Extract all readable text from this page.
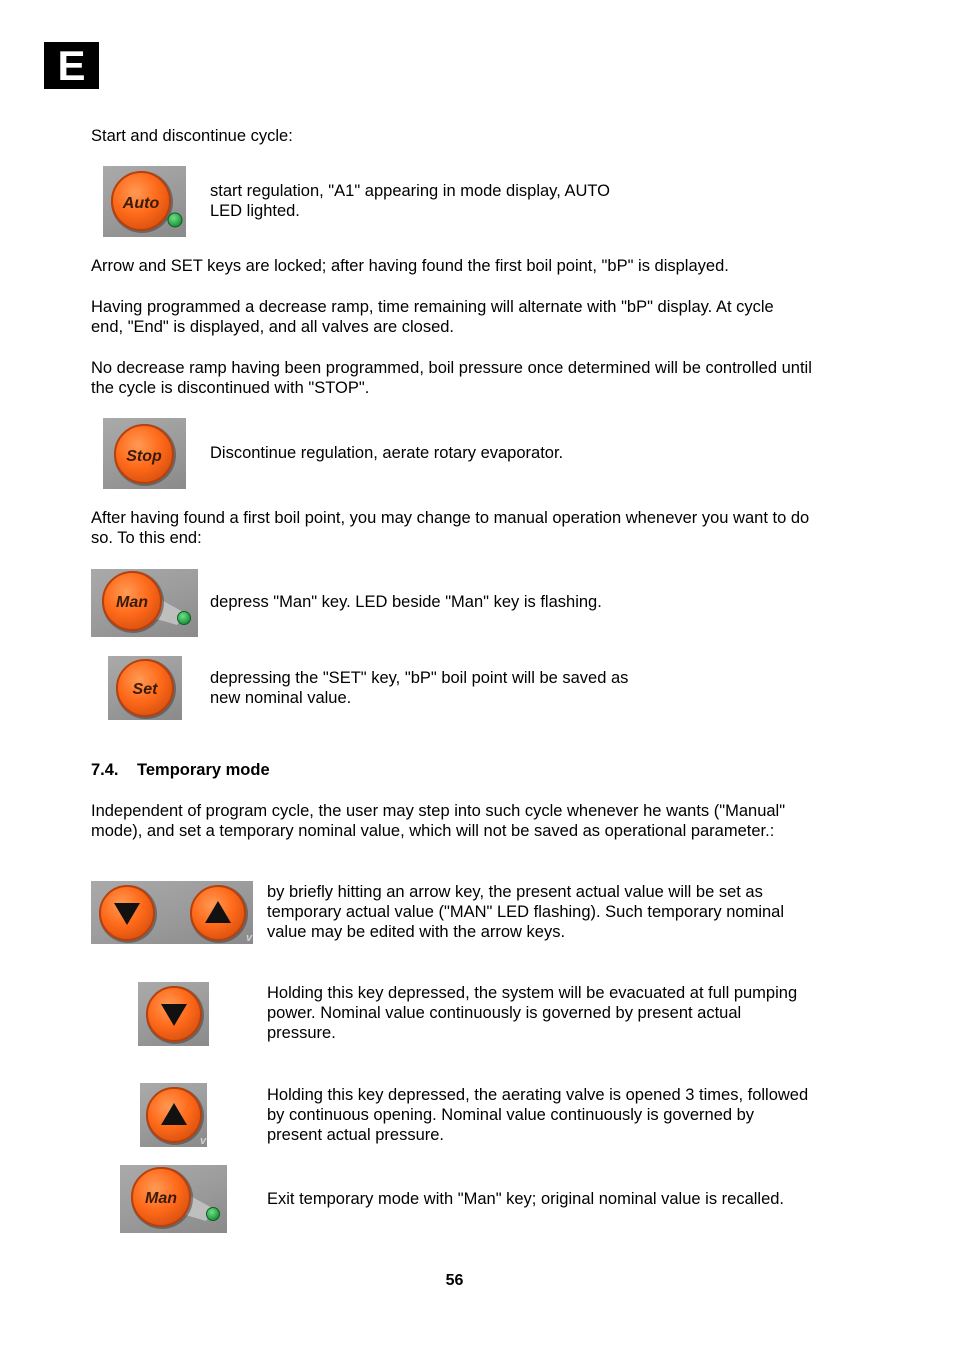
E
Start and discontinue cycle:
Auto
start regulation, "A1" appearing in mode display, AUTO
LED lighted.
Arrow and SET keys are locked; after having found the first boil point, "bP" is displayed.
Having programmed a decrease ramp, time remaining will alternate with "bP" display. At cycle
end, "End" is displayed, and all valves are closed.
No decrease ramp having been programmed, boil pressure once determined will be controlled until
the cycle is discontinued with "STOP".
Stop	Discontinue regulation, aerate rotary evaporator.
After having found a first boil point, you may change to manual operation whenever you want to do
so. To this end:
Man	depress "Man" key. LED beside "Man" key is flashing.
Set
depressing the "SET" key, "bP" boil point will be saved as
new nominal value.
7.4. Temporary mode
Independent of program cycle, the user may step into such cycle whenever he wants ("Manual"
mode), and set a temporary nominal value, which will not be saved as operational parameter.:
v
by briefly hitting an arrow key, the present actual value will be set as
temporary actual value ("MAN" LED flashing). Such temporary nominal
value may be edited with the arrow keys.
Holding this key depressed, the system will be evacuated at full pumping
power. Nominal value continuously is governed by present actual
pressure.
v
Holding this key depressed, the aerating valve is opened 3 times, followed
by continuous opening. Nominal value continuously is governed by
present actual pressure.
Man	Exit temporary mode with "Man" key; original nominal value is recalled.
56
